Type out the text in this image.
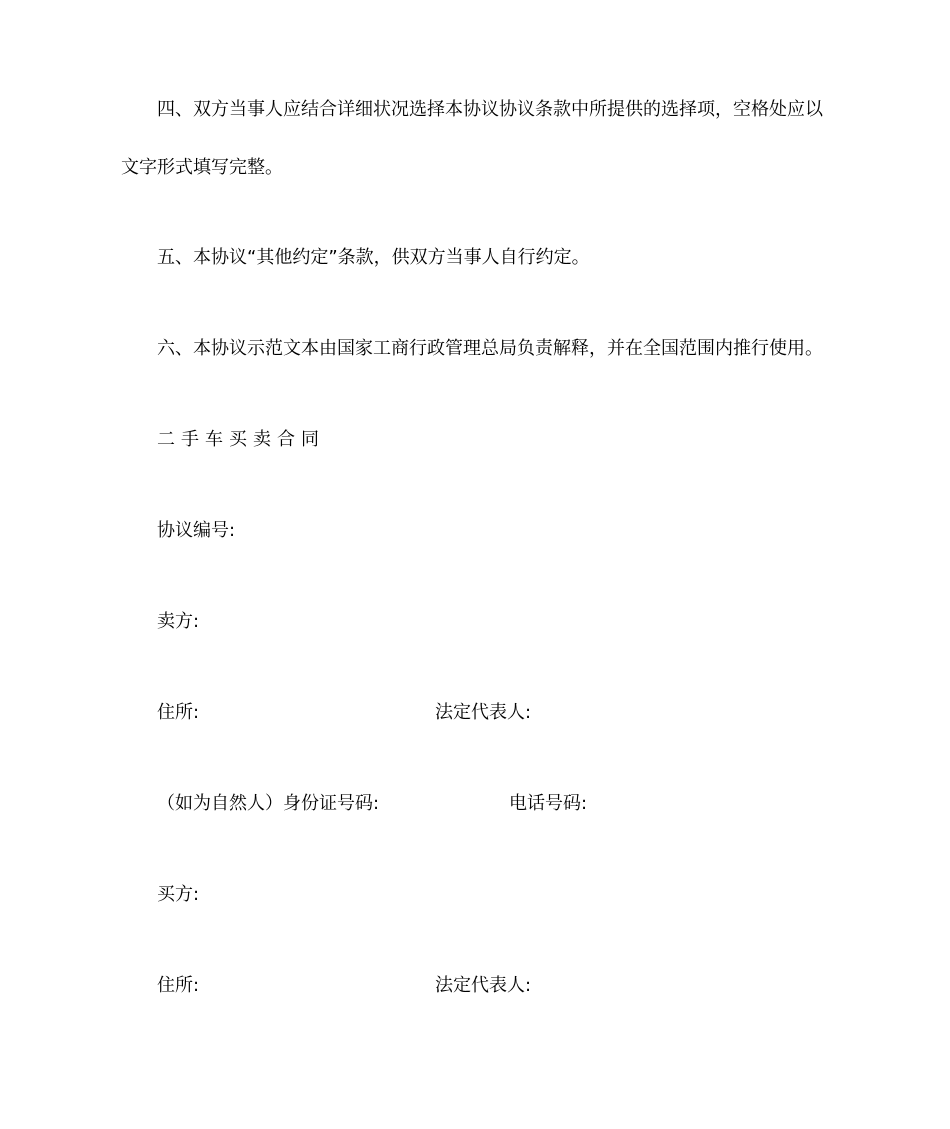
四、双方当事人应结合详细状况选择本协议协议条款中所提供的选择项，空格处应以
文字形式填写完整。
五、本协议“其他约定”条款，供双方当事人自行约定。
六、本协议示范文本由国家工商行政管理总局负责解释，并在全国范围内推行使用。
二手车买卖合同
协议编号:
卖方:
住所:	法定代表人:
（如为自然人）身份证号码:	电话号码:
买方:
住所:	法定代表人:
